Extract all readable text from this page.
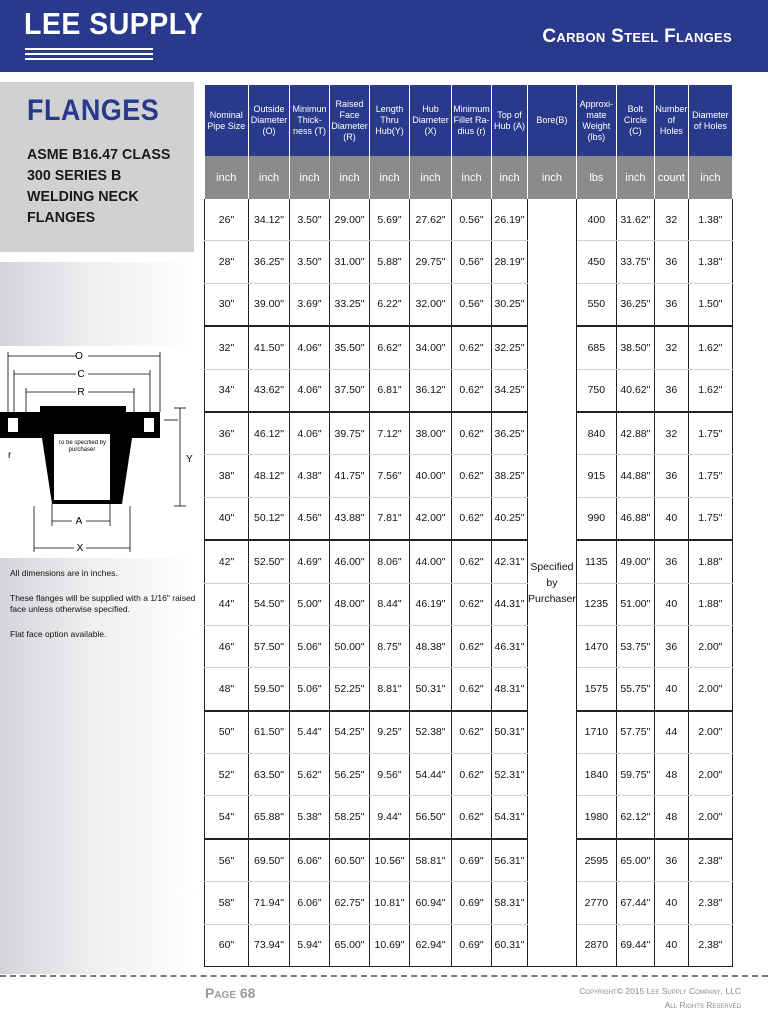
LEE SUPPLY	Carbon Steel Flanges
FLANGES
ASME B16.47 CLASS 300 SERIES B WELDING NECK FLANGES
O
C
R
r	Y
A
X
To be specified by purchaser

All dimensions are in inches.

These flanges will be supplied with a 1/16" raised face unless otherwise specified.

Flat face option available.

Nominal Pipe Size	Outside Diameter (O)	Minimun Thick-ness (T)	Raised Face Diameter (R)	Length Thru Hub(Y)	Hub Diameter (X)	Minimum Fillet Ra-dius (r)	Top of Hub (A)	Bore(B)	Approxi-mate Weight (lbs)	Bolt Circle (C)	Number of Holes	Diameter of Holes
inch	inch	inch	inch	inch	inch	inch	inch	inch	lbs	inch	count	inch
26"	34.12"	3.50"	29.00"	5.69"	27.62"	0.56"	26.19"	Specified by Purchaser	400	31.62"	32	1.38"
28"	36.25"	3.50"	31.00"	5.88"	29.75"	0.56"	28.19"		450	33.75"	36	1.38"
30"	39.00"	3.69"	33.25"	6.22"	32.00"	0.56"	30.25"		550	36.25"	36	1.50"
32"	41.50"	4.06"	35.50"	6.62"	34.00"	0.62"	32.25"		685	38.50"	32	1.62"
34"	43.62"	4.06"	37.50"	6.81"	36.12"	0.62"	34.25"		750	40.62"	36	1.62"
36"	46.12"	4.06"	39.75"	7.12"	38.00"	0.62"	36.25"		840	42.88"	32	1.75"
38"	48.12"	4.38"	41.75"	7.56"	40.00"	0.62"	38.25"		915	44.88"	36	1.75"
40"	50.12"	4.56"	43.88"	7.81"	42.00"	0.62"	40.25"		990	46.88"	40	1.75"
42"	52.50"	4.69"	46.00"	8.06"	44.00"	0.62"	42.31"		1135	49.00"	36	1.88"
44"	54.50"	5.00"	48.00"	8.44"	46.19"	0.62"	44.31"		1235	51.00"	40	1.88"
46"	57.50"	5.06"	50.00"	8.75"	48.38"	0.62"	46.31"		1470	53.75"	36	2.00"
48"	59.50"	5.06"	52.25"	8.81"	50.31"	0.62"	48.31"		1575	55.75"	40	2.00"
50"	61.50"	5.44"	54.25"	9.25"	52.38"	0.62"	50.31"		1710	57.75"	44	2.00"
52"	63.50"	5.62"	56.25"	9.56"	54.44"	0.62"	52.31"		1840	59.75"	48	2.00"
54"	65.88"	5.38"	58.25"	9.44"	56.50"	0.62"	54.31"		1980	62.12"	48	2.00"
56"	69.50"	6.06"	60.50"	10.56"	58.81"	0.69"	56.31"		2595	65.00"	36	2.38"
58"	71.94"	6.06"	62.75"	10.81"	60.94"	0.69"	58.31"		2770	67.44"	40	2.38"
60"	73.94"	5.94"	65.00"	10.69"	62.94"	0.69"	60.31"		2870	69.44"	40	2.38"
Page 68	Copyright© 2015 Lee Supply Company, LLC
All Rights Reserved
